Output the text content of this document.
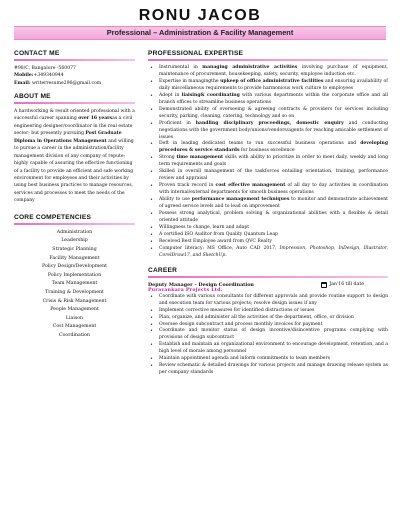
RONU JACOB
Professional – Administration & Facility Management
CONTACT ME
#98/C, Bangalore -560077
Mobile:+349340944
Email: writerresume296@gmail.com
ABOUT ME
A hardworking & result oriented professional with a successful career spanning over 16 yearsas a civil engineering designer/coordinator in the real estate sector; but presently pursuing Post Graduate Diploma in Operations Management and willing to pursue a career in the administration/facility management division of any company of repute; highly capable of assuring the effective functioning of a facility to provide an efficient and safe working environment for employees and their activities by using best business practices to manage resources, services and processes to meet the needs of the company
CORE COMPETENCIES
Administration
Leadership
Strategic Planning
Facility Management
Policy Design/Development
Policy Implementation
Team Management
Training & Development
Crisis & Risk Management
People Management
Liaison
Cost Management
Coordination
PROFESSIONAL EXPERTISE
• Instrumental in managing administrative activities involving purchase of equipment, maintenance of procurement, housekeeping, safety, security, employee induction etc.
• Expertise in managingthe upkeep of office administrative facilities and ensuring availability of daily miscellaneous requirements to provide harmonious work culture to employees
• Adept in liaising& coordinating with various departments within the corporate office and all branch offices to streamline business operations
• Demonstrated ability of overseeing & agreeing contracts & providers for services including security, parking, cleaning, catering, technology and so on
• Proficient in handling disciplinary proceedings, domestic enquiry and conducting negotiations with the government body/unions/vendors/agents for reaching amicable settlement of issues
• Deft in leading dedicated teams to run successful business operations and developing procedures & service standards for business excellence
• Strong time management skills with ability to prioritize in order to meet daily, weekly and long term requirements and goals
• Skilled in overall management of the taskforces entailing orientation, training, performance review and appraisal
• Proven track record in cost effective management of all day to day activities in coordination with internal/external departments for smooth business operations
• Ability to use performance management techniques to monitor and demonstrate achievement of agreed service levels and to lead on improvement
• Possess strong analytical, problem solving & organizational abilities with a flexible & detail oriented attitude
• Willingness to change, learn and adapt
• A certified ISO Auditor from Quality Quantum Leap
• Received Best Employee award from QVC Realty
• Computer literacy: MS Office, Auto CAD 2017, Impression, Photoshop, InDesign, Illustrator, CorelDraw17, and SketchUp.
CAREER
Deputy Manager – Design Coordination	Jan'16 till date
Puravankara Projects Ltd.
• Coordinate with various consultants for different approvals and provide routine support to design and execution team for various projects; resolve design issues if any
• Implement corrective measures for identified distractions or issues
• Plan, organize, and administer all the activities of the department, office, or division
• Oversee design subcontract and process monthly invoices for payment
• Coordinate and monitor status of design incentive/disincentive programs complying with provisions of design subcontract
• Establish and maintain an organizational environment to encourage development, retention, and a high level of morale among personnel
• Maintain appointment agenda and inform commitments to team members
• Review schematic & detailed drawings for various projects and manage drawing release system as per company standards
